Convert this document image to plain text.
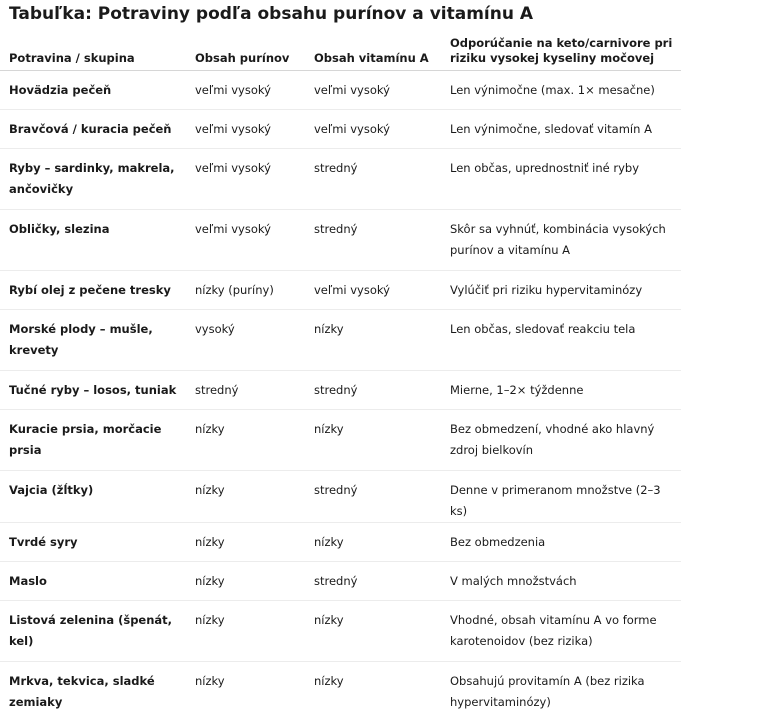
Tabuľka: Potraviny podľa obsahu purínov a vitamínu A
Potravina / skupina	Obsah purínov	Obsah vitamínu A	Odporúčanie na keto/carnivore pri riziku vysokej kyseliny močovej
Hovädzia pečeň	veľmi vysoký	veľmi vysoký	Len výnimočne (max. 1× mesačne)
Bravčová / kuracia pečeň	veľmi vysoký	veľmi vysoký	Len výnimočne, sledovať vitamín A
Ryby – sardinky, makrela, ančovičky	veľmi vysoký	stredný	Len občas, uprednostniť iné ryby
Obličky, slezina	veľmi vysoký	stredný	Skôr sa vyhnúť, kombinácia vysokých purínov a vitamínu A
Rybí olej z pečene tresky	nízky (puríny)	veľmi vysoký	Vylúčiť pri riziku hypervitaminózy
Morské plody – mušle, krevety	vysoký	nízky	Len občas, sledovať reakciu tela
Tučné ryby – losos, tuniak	stredný	stredný	Mierne, 1–2× týždenne
Kuracie prsia, morčacie prsia	nízky	nízky	Bez obmedzení, vhodné ako hlavný zdroj bielkovín
Vajcia (žĺtky)	nízky	stredný	Denne v primeranom množstve (2–3 ks)
Tvrdé syry	nízky	nízky	Bez obmedzenia
Maslo	nízky	stredný	V malých množstvách
Listová zelenina (špenát, kel)	nízky	nízky	Vhodné, obsah vitamínu A vo forme karotenoidov (bez rizika)
Mrkva, tekvica, sladké zemiaky	nízky	nízky	Obsahujú provitamín A (bez rizika hypervitaminózy)
